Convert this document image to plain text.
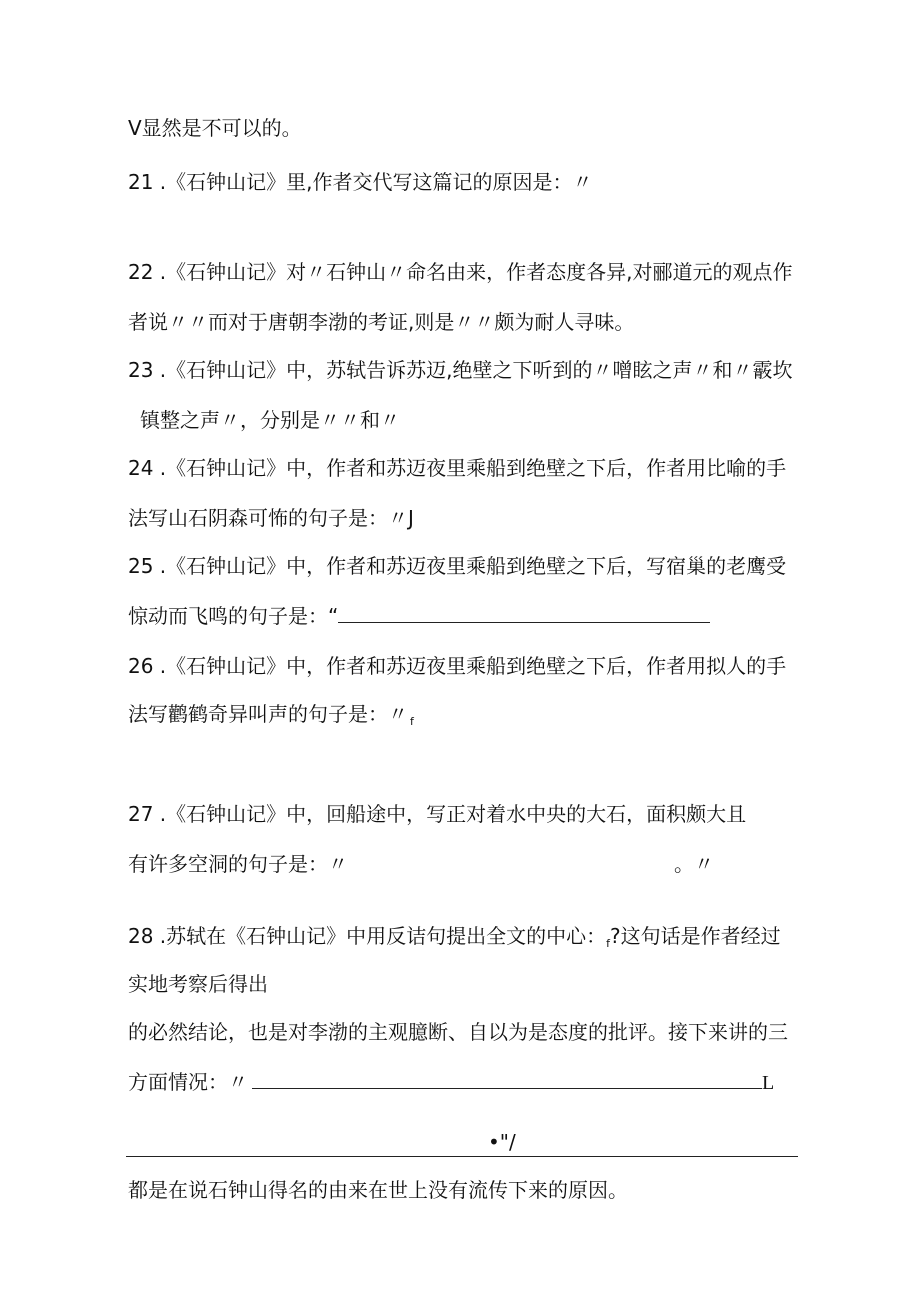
V显然是不可以的。
21 .《石钟山记》里,作者交代写这篇记的原因是：〃
22 .《石钟山记》对〃石钟山〃命名由来，作者态度各异,对郦道元的观点作
者说〃〃而对于唐朝李渤的考证,则是〃〃颇为耐人寻味。
23 .《石钟山记》中，苏轼告诉苏迈,绝壁之下听到的〃噌眩之声〃和〃霰坎
镇整之声〃，分别是〃〃和〃
24 .《石钟山记》中，作者和苏迈夜里乘船到绝壁之下后，作者用比喻的手
法写山石阴森可怖的句子是：〃J
25 .《石钟山记》中，作者和苏迈夜里乘船到绝壁之下后，写宿巢的老鹰受
惊动而飞鸣的句子是：“
26 .《石钟山记》中，作者和苏迈夜里乘船到绝壁之下后，作者用拟人的手
法写鹳鹤奇异叫声的句子是：〃 $_f$
27 .《石钟山记》中，回船途中，写正对着水中央的大石，面积颇大且
有许多空洞的句子是：〃	。〃
28 .苏轼在《石钟山记》中用反诘句提出全文的中心：$_f$?这句话是作者经过
实地考察后得出
的必然结论，也是对李渤的主观臆断、自以为是态度的批评。接下来讲的三
方面情况：〃	L
•"/
都是在说石钟山得名的由来在世上没有流传下来的原因。
